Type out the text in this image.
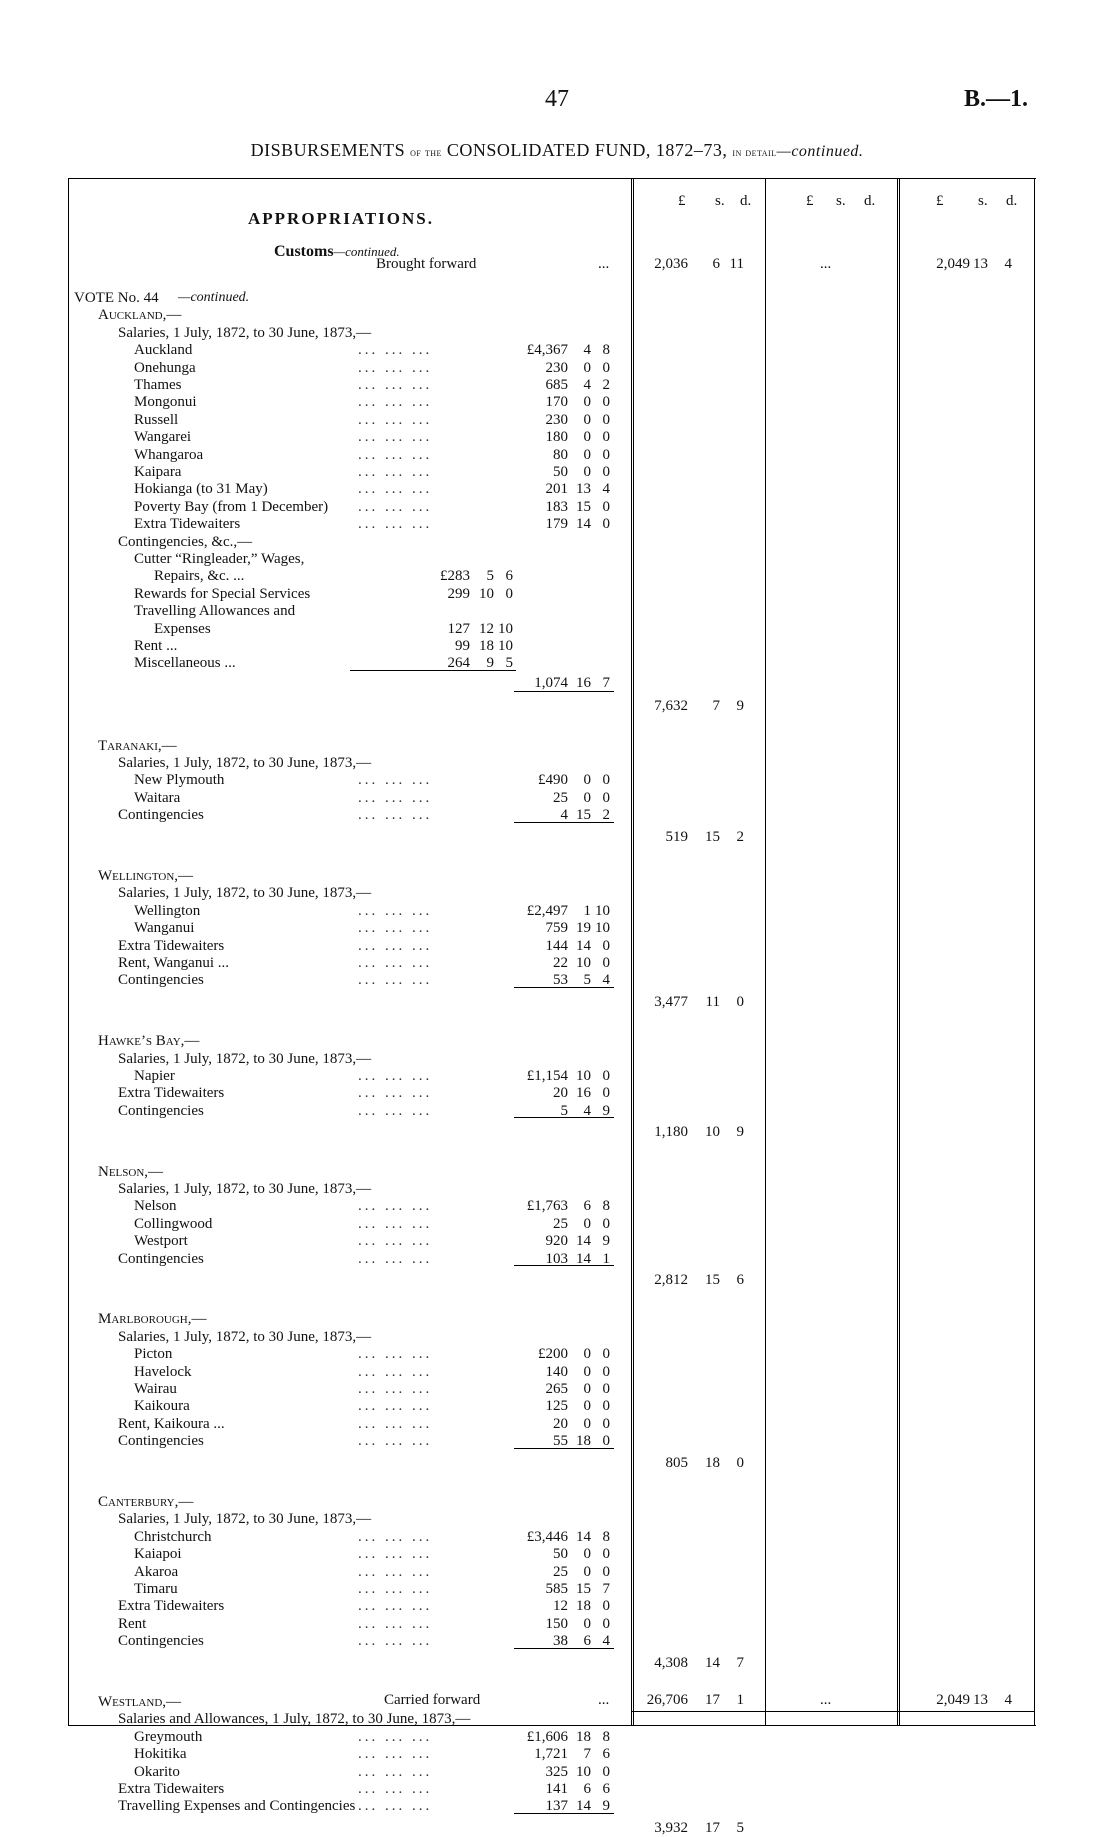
47	B.—1.
DISBURSEMENTS of the CONSOLIDATED FUND, 1872–73, in detail—continued.
£ s. d.	£ s. d.	£ s. d.
APPROPRIATIONS.
Customs—continued.
Brought forward	...	2,036	6 11	...	2,049 13	4
VOTE No. 44 —continued.
Auckland,—
Salaries, 1 July, 1872, to 30 June, 1873,—
Auckland	... ... ...	£4,367	4 8
Onehunga	... ... ...	230	0 0
Thames	... ... ...	685	4 2
Mongonui	... ... ...	170	0 0
Russell	... ... ...	230	0 0
Wangarei	... ... ...	180	0 0
Whangaroa	... ... ...	80	0 0
Kaipara	... ... ...	50	0 0
Hokianga (to 31 May)	... ... ...	201 13 4
Poverty Bay (from 1 December) ... ... ...	183 15 0
Extra Tidewaiters	... ... ...	179 14 0
Contingencies, &c.,—
Cutter “Ringleader,” Wages,
Repairs, &c. ...	£283	5 6
Rewards for Special Services	299 10 0
Travelling Allowances and
Expenses	127 12 10
Rent ...	99 18 10
Miscellaneous ...	264	9 5
1,074 16 7
7,632	7	9
Taranaki,—
Salaries, 1 July, 1872, to 30 June, 1873,—
New Plymouth	... ... ...	£490	0 0
Waitara	... ... ...	25	0 0
Contingencies	... ... ...	4 15 2
519	15	2
Wellington,—
Salaries, 1 July, 1872, to 30 June, 1873,—
Wellington	... ... ...	£2,497	1 10
Wanganui	... ... ...	759 19 10
Extra Tidewaiters	... ... ...	144 14 0
Rent, Wanganui ...	... ... ...	22 10 0
Contingencies	... ... ...	53	5 4
3,477	11	0
Hawke’s Bay,—
Salaries, 1 July, 1872, to 30 June, 1873,—
Napier	... ... ...	£1,154 10 0
Extra Tidewaiters	... ... ...	20 16 0
Contingencies	... ... ...	5	4 9
1,180	10	9
Nelson,—
Salaries, 1 July, 1872, to 30 June, 1873,—
Nelson	... ... ...	£1,763	6 8
Collingwood	... ... ...	25	0 0
Westport	... ... ...	920 14 9
Contingencies	... ... ...	103 14 1
2,812	15	6
Marlborough,—
Salaries, 1 July, 1872, to 30 June, 1873,—
Picton	... ... ...	£200	0 0
Havelock	... ... ...	140	0 0
Wairau	... ... ...	265	0 0
Kaikoura	... ... ...	125	0 0
Rent, Kaikoura ...	... ... ...	20	0 0
Contingencies	... ... ...	55 18 0
805	18	0
Canterbury,—
Salaries, 1 July, 1872, to 30 June, 1873,—
Christchurch	... ... ...	£3,446 14 8
Kaiapoi	... ... ...	50	0 0
Akaroa	... ... ...	25	0 0
Timaru	... ... ...	585 15 7
Extra Tidewaiters	... ... ...	12 18 0
Rent	... ... ...	150	0 0
Contingencies	... ... ...	38	6 4
4,308	14	7
Westland,—
Salaries and Allowances, 1 July, 1872, to 30 June, 1873,—
Greymouth	... ... ...	£1,606 18 8
Hokitika	... ... ...	1,721	7 6
Okarito	... ... ...	325 10 0
Extra Tidewaiters	... ... ...	141	6 6
Travelling Expenses and Contingencies ... ... ...	137 14 9
3,932	17	5
Carried forward	...	26,706	17	1	...	2,049 13	4
